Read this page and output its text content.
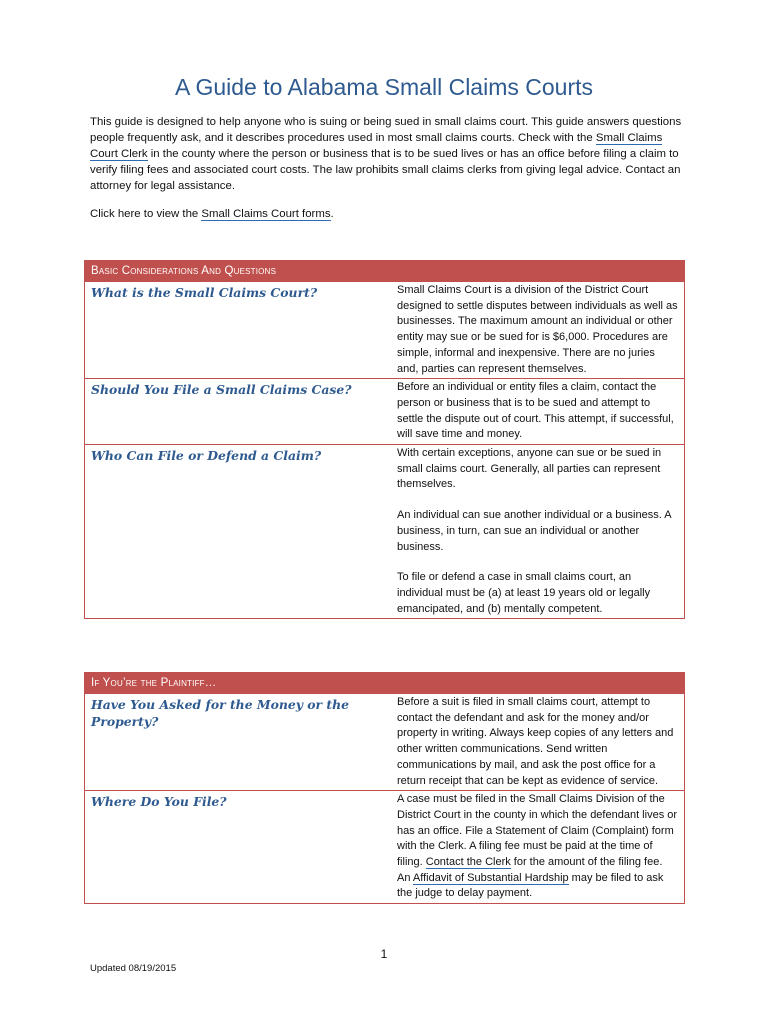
A Guide to Alabama Small Claims Courts

This guide is designed to help anyone who is suing or being sued in small claims court. This guide answers questions people frequently ask, and it describes procedures used in most small claims courts. Check with the Small Claims Court Clerk in the county where the person or business that is to be sued lives or has an office before filing a claim to verify filing fees and associated court costs. The law prohibits small claims clerks from giving legal advice. Contact an attorney for legal assistance.

Click here to view the Small Claims Court forms.

Basic Considerations And Questions	
What is the Small Claims Court?	Small Claims Court is a division of the District Court designed to settle disputes between individuals as well as businesses. The maximum amount an individual or other entity may sue or be sued for is $6,000. Procedures are simple, informal and inexpensive. There are no juries and, parties can represent themselves.

Should You File a Small Claims Case?	Before an individual or entity files a claim, contact the person or business that is to be sued and attempt to settle the dispute out of court. This attempt, if successful, will save time and money.

Who Can File or Defend a Claim?	With certain exceptions, anyone can sue or be sued in small claims court. Generally, all parties can represent themselves.

An individual can sue another individual or a business. A business, in turn, can sue an individual or another business.

To file or defend a case in small claims court, an individual must be (a) at least 19 years old or legally emancipated, and (b) mentally competent.

If You’re the Plaintiff…	
Have You Asked for the Money or the Property?	Before a suit is filed in small claims court, attempt to contact the defendant and ask for the money and/or property in writing. Always keep copies of any letters and other written communications. Send written communications by mail, and ask the post office for a return receipt that can be kept as evidence of service.

Where Do You File?	A case must be filed in the Small Claims Division of the District Court in the county in which the defendant lives or has an office. File a Statement of Claim (Complaint) form with the Clerk. A filing fee must be paid at the time of filing. Contact the Clerk for the amount of the filing fee. An Affidavit of Substantial Hardship may be filed to ask the judge to delay payment.

1
Updated 08/19/2015
